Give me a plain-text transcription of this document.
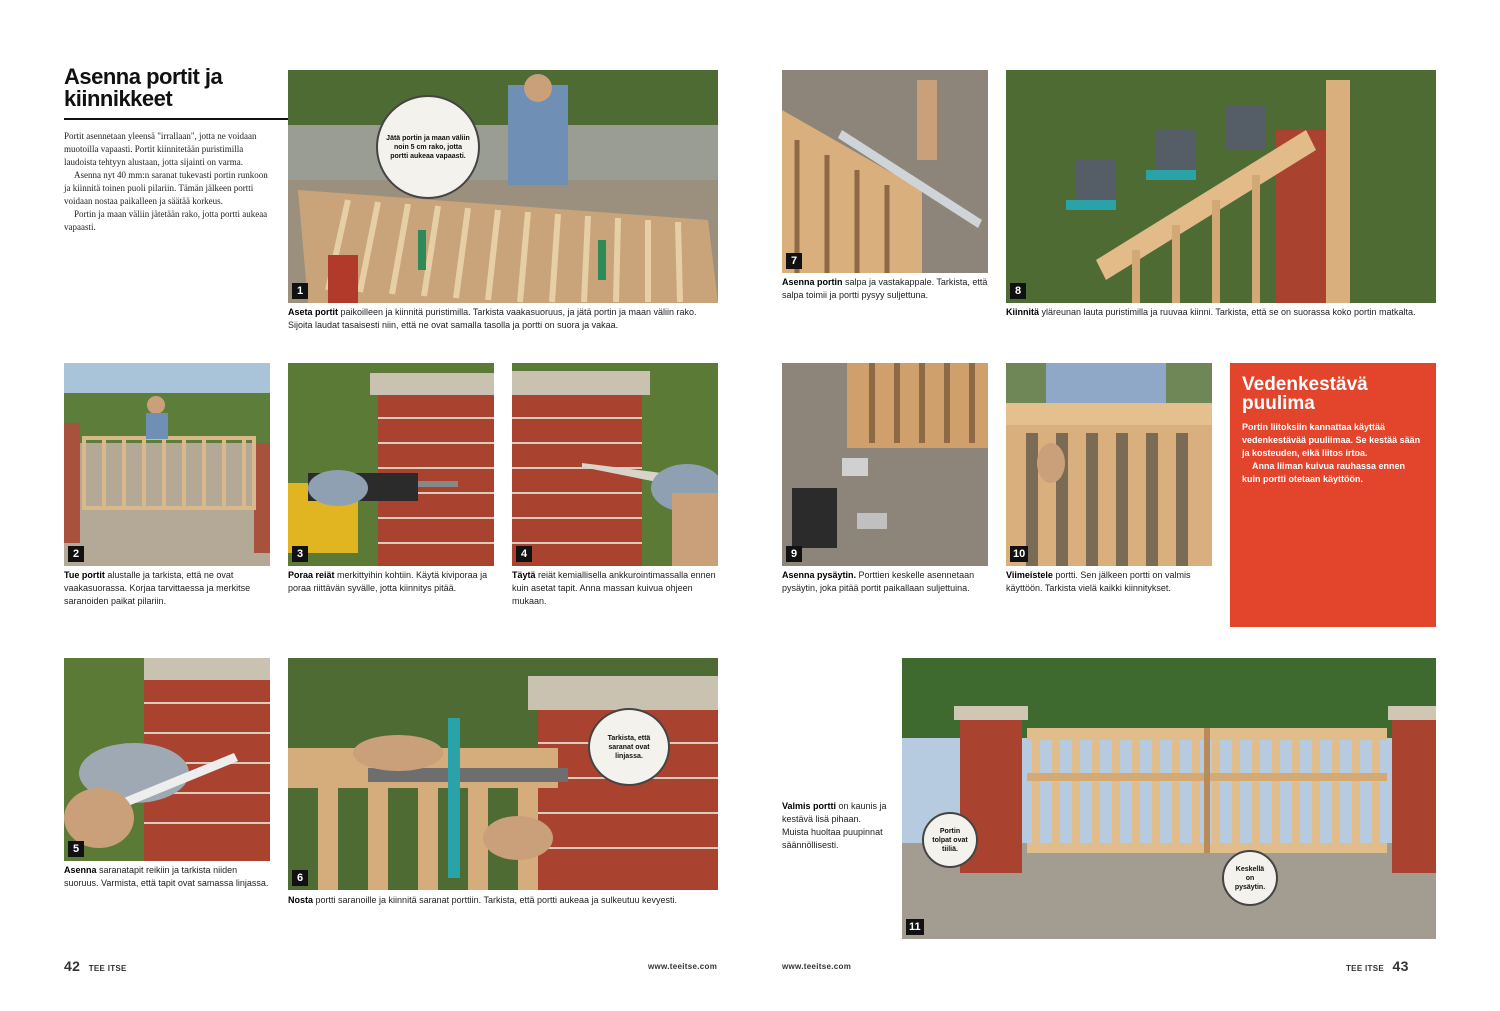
Asenna portit ja kiinnikkeet

Portit asennetaan yleensä "irrallaan", jotta ne voidaan muotoilla vapaasti. Portit kiinnitetään puristimilla laudoista tehtyyn alustaan, jotta sijainti on varma.

Asenna nyt 40 mm:n saranat tukevasti portin runkoon ja kiinnitä toinen puoli pilariin. Tämän jälkeen portti voidaan nostaa paikalleen ja säätää korkeus.

Portin ja maan väliin jätetään rako, jotta portti aukeaa vapaasti.

1
Jätä portin ja maan väliin noin 5 cm rako, jotta portti aukeaa vapaasti.
Aseta portit paikoilleen ja kiinnitä puristimilla. Tarkista vaakasuoruus, ja jätä portin ja maan väliin rako. Sijoita laudat tasaisesti niin, että ne ovat samalla tasolla ja portti on suora ja vakaa.
2
Tue portit alustalle ja tarkista, että ne ovat vaakasuorassa. Korjaa tarvittaessa ja merkitse saranoiden paikat pilariin.
3
Poraa reiät merkittyihin kohtiin. Käytä kiviporaa ja poraa riittävän syvälle, jotta kiinnitys pitää.
4
Täytä reiät kemiallisella ankkurointimassalla ennen kuin asetat tapit. Anna massan kuivua ohjeen mukaan.
5
Asenna saranatapit reikiin ja tarkista niiden suoruus. Varmista, että tapit ovat samassa linjassa.	6
Tarkista, että saranat ovat linjassa.
Nosta portti saranoille ja kiinnitä saranat porttiin. Tarkista, että portti aukeaa ja sulkeutuu kevyesti.
42 TEE ITSE	www.teeitse.com
7
Asenna portin salpa ja vastakappale. Tarkista, että salpa toimii ja portti pysyy suljettuna.	8
Kiinnitä yläreunan lauta puristimilla ja ruuvaa kiinni. Tarkista, että se on suorassa koko portin matkalta.
9
Asenna pysäytin. Porttien keskelle asennetaan pysäytin, joka pitää portit paikallaan suljettuina.
10
Viimeistele portti. Sen jälkeen portti on valmis käyttöön. Tarkista vielä kaikki kiinnitykset.
Vedenkestävä puulima

Portin liitoksiin kannattaa käyttää vedenkestävää puuliimaa. Se kestää sään ja kosteuden, eikä liitos irtoa.

Anna liiman kuivua rauhassa ennen kuin portti otetaan käyttöön.

Valmis portti on kaunis ja kestävä lisä pihaan. Muista huoltaa puupinnat säännöllisesti.
11
Portin tolpat ovat tiiliä.
Keskellä on pysäytin.
www.teeitse.com	TEE ITSE 43
